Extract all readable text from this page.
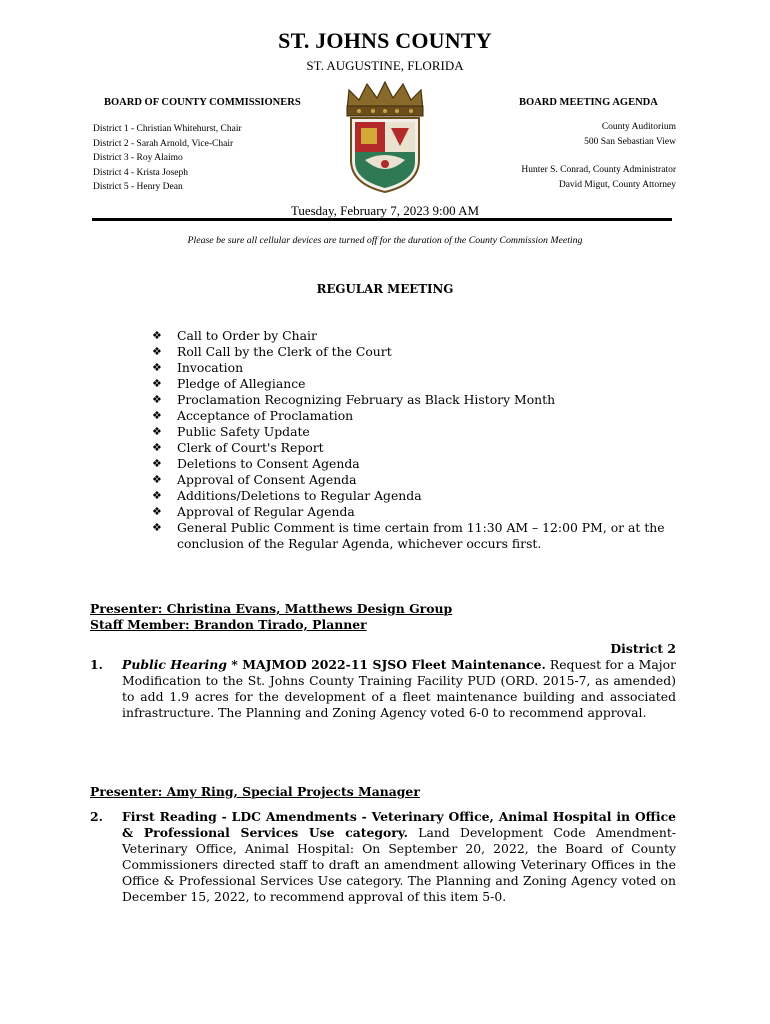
ST. JOHNS COUNTY
ST. AUGUSTINE, FLORIDA
BOARD OF COUNTY COMMISSIONERS	BOARD MEETING AGENDA
District 1 - Christian Whitehurst, Chair
District 2 - Sarah Arnold, Vice-Chair
District 3 - Roy Alaimo
District 4 - Krista Joseph
District 5 - Henry Dean
County Auditorium
500 San Sebastian View
Hunter S. Conrad, County Administrator
David Migut, County Attorney
Tuesday, February 7, 2023 9:00 AM
Please be sure all cellular devices are turned off for the duration of the County Commission Meeting
REGULAR MEETING
❖ Call to Order by Chair
❖ Roll Call by the Clerk of the Court
❖ Invocation
❖ Pledge of Allegiance
❖ Proclamation Recognizing February as Black History Month
❖ Acceptance of Proclamation
❖ Public Safety Update
❖ Clerk of Court's Report
❖ Deletions to Consent Agenda
❖ Approval of Consent Agenda
❖ Additions/Deletions to Regular Agenda
❖ Approval of Regular Agenda
❖ General Public Comment is time certain from 11:30 AM – 12:00 PM, or at the conclusion of the Regular Agenda, whichever occurs first.
Presenter: Christina Evans, Matthews Design Group
Staff Member: Brandon Tirado, Planner
District 2
1. Public Hearing * MAJMOD 2022-11 SJSO Fleet Maintenance. Request for a Major Modification to the St. Johns County Training Facility PUD (ORD. 2015-7, as amended) to add 1.9 acres for the development of a fleet maintenance building and associated infrastructure. The Planning and Zoning Agency voted 6-0 to recommend approval.
Presenter: Amy Ring, Special Projects Manager
2. First Reading - LDC Amendments - Veterinary Office, Animal Hospital in Office & Professional Services Use category. Land Development Code Amendment-Veterinary Office, Animal Hospital: On September 20, 2022, the Board of County Commissioners directed staff to draft an amendment allowing Veterinary Offices in the Office & Professional Services Use category. The Planning and Zoning Agency voted on December 15, 2022, to recommend approval of this item 5-0.
